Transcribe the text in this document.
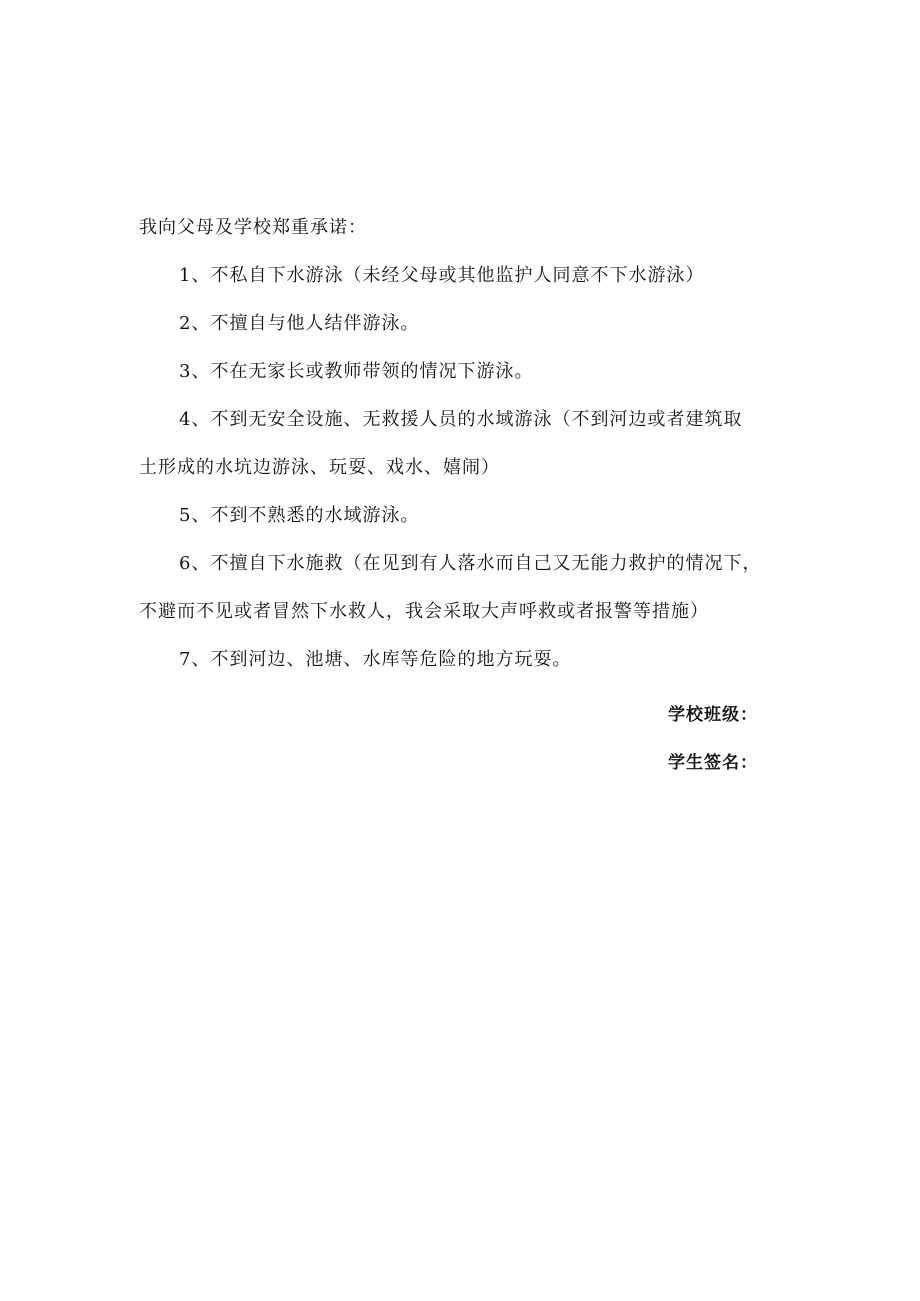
我向父母及学校郑重承诺：

1、不私自下水游泳（未经父母或其他监护人同意不下水游泳）
2、不擅自与他人结伴游泳。
3、不在无家长或教师带领的情况下游泳。
4、不到无安全设施、无救援人员的水域游泳（不到河边或者建筑取
土形成的水坑边游泳、玩耍、戏水、嬉闹）
5、不到不熟悉的水域游泳。
6、不擅自下水施救（在见到有人落水而自己又无能力救护的情况下，
不避而不见或者冒然下水救人，我会采取大声呼救或者报警等措施）
7、不到河边、池塘、水库等危险的地方玩耍。
学校班级：
学生签名：
